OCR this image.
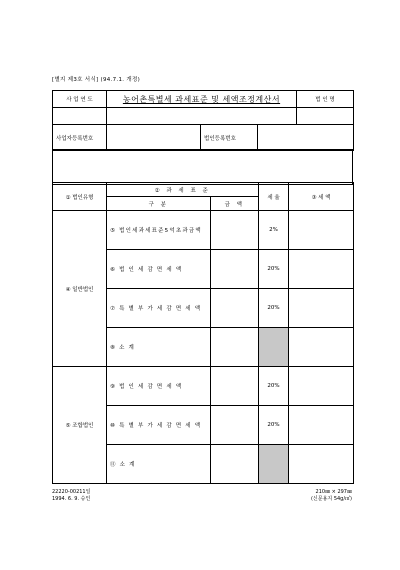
[별지 제3호 서식] (94.7.1. 개정)
사 업 연 도	농어촌특별세 과세표준 및 세액조정계산서	법 인 명

사업자등록번호		법인등록번호	
① 법인유형	② 과 세 표 준		세 율	③ 세 액
	구 분	금 액		
④ 일반법인	⑤ 법인세과세표준5억초과금액		2%	
	⑥ 법 인 세 감 면 세 액		20%	
	⑦ 특 별 부 가 세 감 면 세 액		20%	
	⑧ 소 계			
⑤ 조합법인	⑨ 법 인 세 감 면 세 액		20%	
	⑩ 특 별 부 가 세 감 면 세 액		20%	
	⑪ 소 계			
22220-00211일
1994. 6. 9. 승인
210㎜ × 297㎜
(신문용지 54g/㎡)
